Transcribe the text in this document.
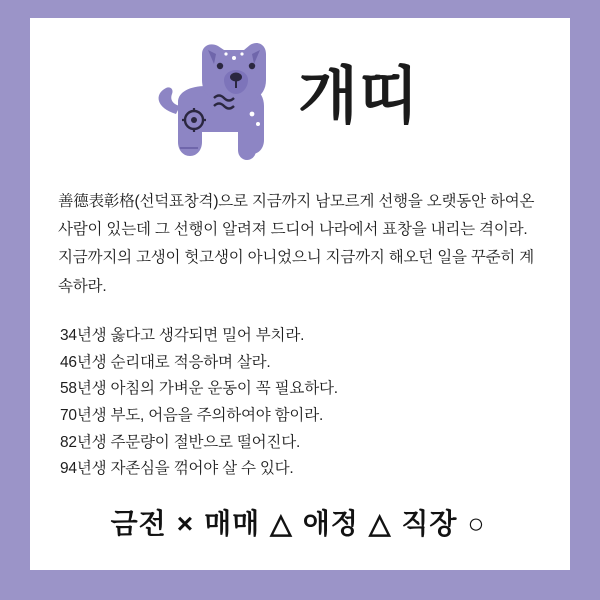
개띠
善德表彰格(선덕표창격)으로 지금까지 남모르게 선행을 오랫동안 하여온 사람이 있는데 그 선행이 알려져 드디어 나라에서 표창을 내리는 격이라. 지금까지의 고생이 헛고생이 아니었으니 지금까지 해오던 일을 꾸준히 계속하라.
34년생 옳다고 생각되면 밀어 부치라.
46년생 순리대로 적응하며 살라.
58년생 아침의 가벼운 운동이 꼭 필요하다.
70년생 부도, 어음을 주의하여야 함이라.
82년생 주문량이 절반으로 떨어진다.
94년생 자존심을 꺾어야 살 수 있다.
금전 × 매매 △ 애정 △ 직장 ○
